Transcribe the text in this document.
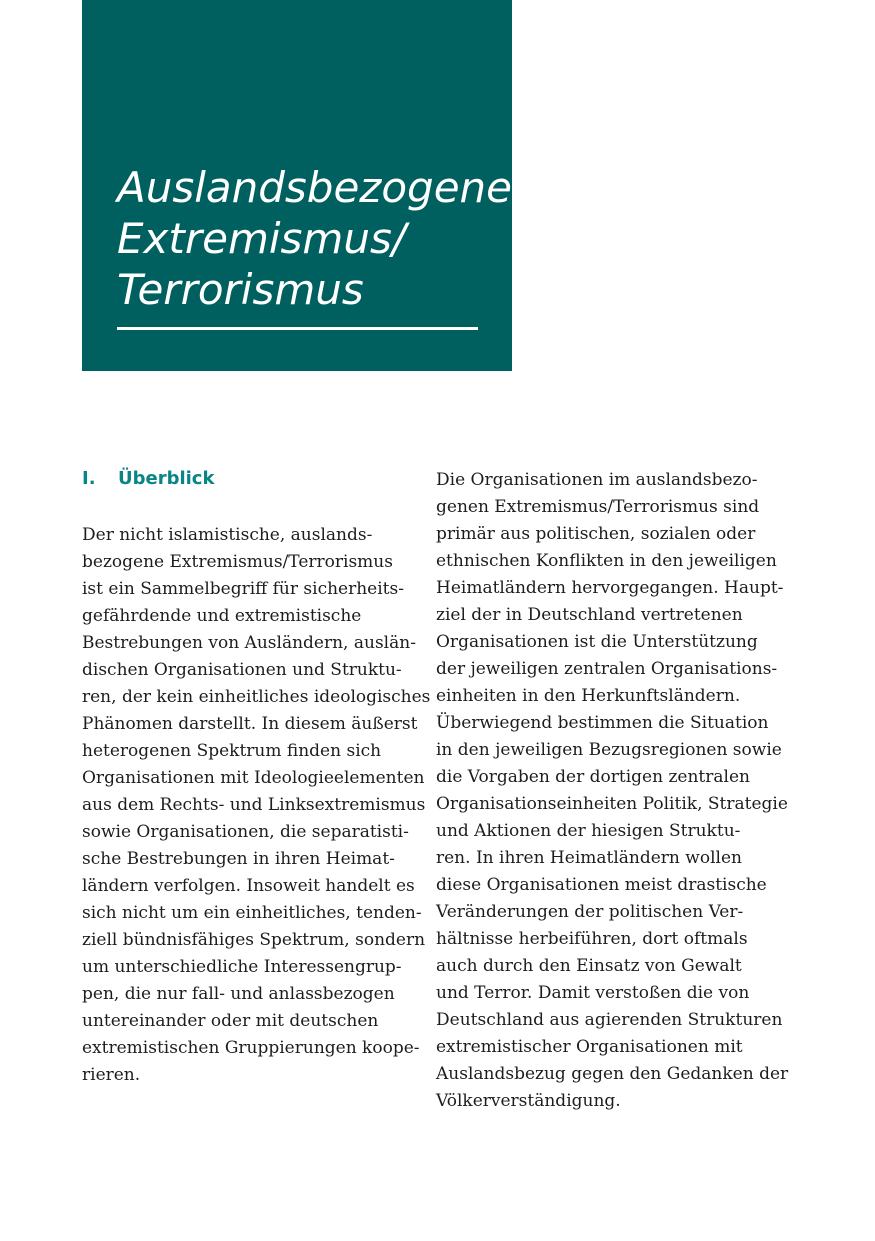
Auslandsbezogener
Extremismus/
Terrorismus
I. Überblick
Der nicht islamistische, auslands-
bezogene Extremismus/Terrorismus
ist ein Sammelbegriff für sicherheits-
gefährdende und extremistische
Bestrebungen von Ausländern, auslän-
dischen Organisationen und Struktu-
ren, der kein einheitliches ideologisches
Phänomen darstellt. In diesem äußerst
heterogenen Spektrum finden sich
Organisationen mit Ideologieelementen
aus dem Rechts- und Linksextremismus
sowie Organisationen, die separatisti-
sche Bestrebungen in ihren Heimat-
ländern verfolgen. Insoweit handelt es
sich nicht um ein einheitliches, tenden-
ziell bündnisfähiges Spektrum, sondern
um unterschiedliche Interessengrup-
pen, die nur fall- und anlassbezogen
untereinander oder mit deutschen
extremistischen Gruppierungen koope-
rieren.
Die Organisationen im auslandsbezo-
genen Extremismus/Terrorismus sind
primär aus politischen, sozialen oder
ethnischen Konflikten in den jeweiligen
Heimatländern hervorgegangen. Haupt-
ziel der in Deutschland vertretenen
Organisationen ist die Unterstützung
der jeweiligen zentralen Organisations-
einheiten in den Herkunftsländern.
Überwiegend bestimmen die Situation
in den jeweiligen Bezugsregionen sowie
die Vorgaben der dortigen zentralen
Organisationseinheiten Politik, Strategie
und Aktionen der hiesigen Struktu-
ren. In ihren Heimatländern wollen
diese Organisationen meist drastische
Veränderungen der politischen Ver-
hältnisse herbeiführen, dort oftmals
auch durch den Einsatz von Gewalt
und Terror. Damit verstoßen die von
Deutschland aus agierenden Strukturen
extremistischer Organisationen mit
Auslandsbezug gegen den Gedanken der
Völkerverständigung.
